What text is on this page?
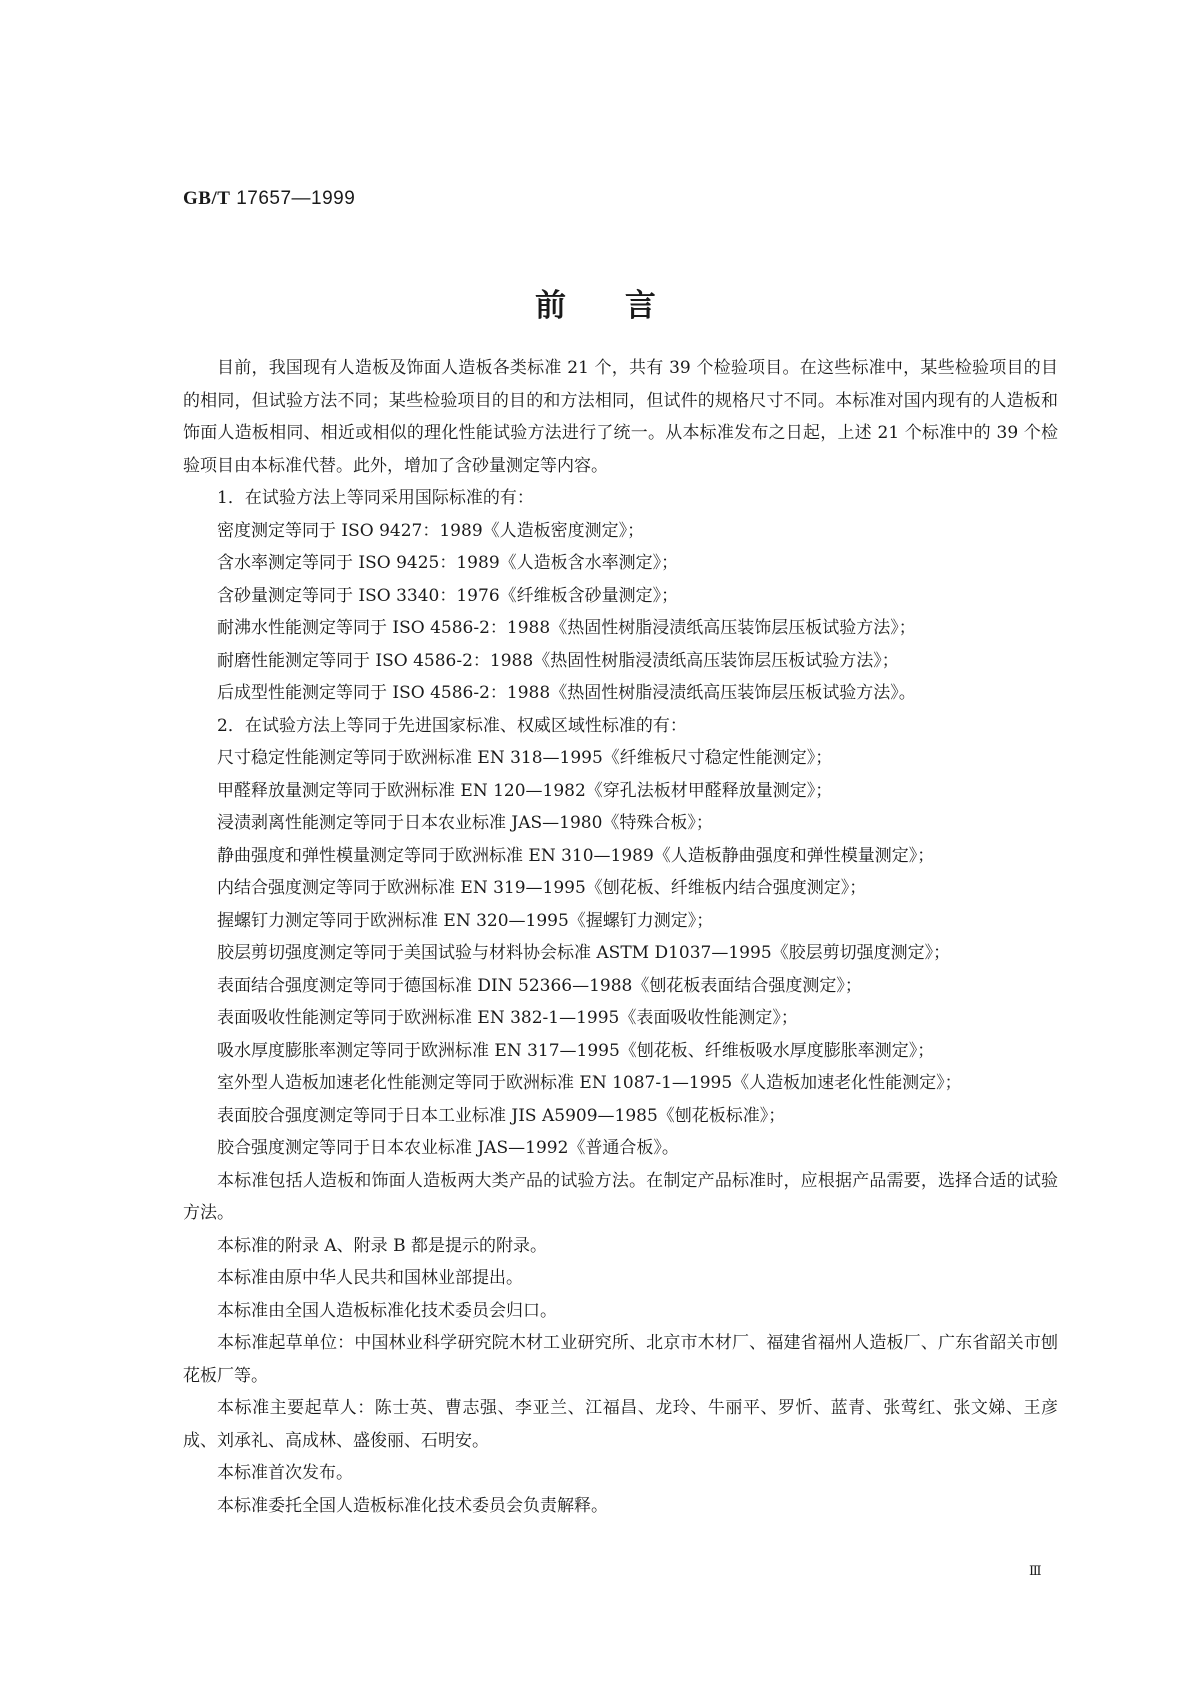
GB/T 17657—1999
前言

目前，我国现有人造板及饰面人造板各类标准 21 个，共有 39 个检验项目。在这些标准中，某些检验项目的目的相同，但试验方法不同；某些检验项目的目的和方法相同，但试件的规格尺寸不同。本标准对国内现有的人造板和饰面人造板相同、相近或相似的理化性能试验方法进行了统一。从本标准发布之日起，上述 21 个标准中的 39 个检验项目由本标准代替。此外，增加了含砂量测定等内容。

1．在试验方法上等同采用国际标准的有：

密度测定等同于 ISO 9427：1989《人造板密度测定》；

含水率测定等同于 ISO 9425：1989《人造板含水率测定》；

含砂量测定等同于 ISO 3340：1976《纤维板含砂量测定》；

耐沸水性能测定等同于 ISO 4586-2：1988《热固性树脂浸渍纸高压装饰层压板试验方法》；

耐磨性能测定等同于 ISO 4586-2：1988《热固性树脂浸渍纸高压装饰层压板试验方法》；

后成型性能测定等同于 ISO 4586-2：1988《热固性树脂浸渍纸高压装饰层压板试验方法》。

2．在试验方法上等同于先进国家标准、权威区域性标准的有：

尺寸稳定性能测定等同于欧洲标准 EN 318—1995《纤维板尺寸稳定性能测定》；

甲醛释放量测定等同于欧洲标准 EN 120—1982《穿孔法板材甲醛释放量测定》；

浸渍剥离性能测定等同于日本农业标准 JAS—1980《特殊合板》；

静曲强度和弹性模量测定等同于欧洲标准 EN 310—1989《人造板静曲强度和弹性模量测定》；

内结合强度测定等同于欧洲标准 EN 319—1995《刨花板、纤维板内结合强度测定》；

握螺钉力测定等同于欧洲标准 EN 320—1995《握螺钉力测定》；

胶层剪切强度测定等同于美国试验与材料协会标准 ASTM D1037—1995《胶层剪切强度测定》；

表面结合强度测定等同于德国标准 DIN 52366—1988《刨花板表面结合强度测定》；

表面吸收性能测定等同于欧洲标准 EN 382-1—1995《表面吸收性能测定》；

吸水厚度膨胀率测定等同于欧洲标准 EN 317—1995《刨花板、纤维板吸水厚度膨胀率测定》；

室外型人造板加速老化性能测定等同于欧洲标准 EN 1087-1—1995《人造板加速老化性能测定》；

表面胶合强度测定等同于日本工业标准 JIS A5909—1985《刨花板标准》；

胶合强度测定等同于日本农业标准 JAS—1992《普通合板》。

本标准包括人造板和饰面人造板两大类产品的试验方法。在制定产品标准时，应根据产品需要，选择合适的试验方法。

本标准的附录 A、附录 B 都是提示的附录。

本标准由原中华人民共和国林业部提出。

本标准由全国人造板标准化技术委员会归口。

本标准起草单位：中国林业科学研究院木材工业研究所、北京市木材厂、福建省福州人造板厂、广东省韶关市刨花板厂等。

本标准主要起草人：陈士英、曹志强、李亚兰、江福昌、龙玲、牛丽平、罗忻、蓝青、张莺红、张文娣、王彦成、刘承礼、高成林、盛俊丽、石明安。

本标准首次发布。

本标准委托全国人造板标准化技术委员会负责解释。

Ⅲ
